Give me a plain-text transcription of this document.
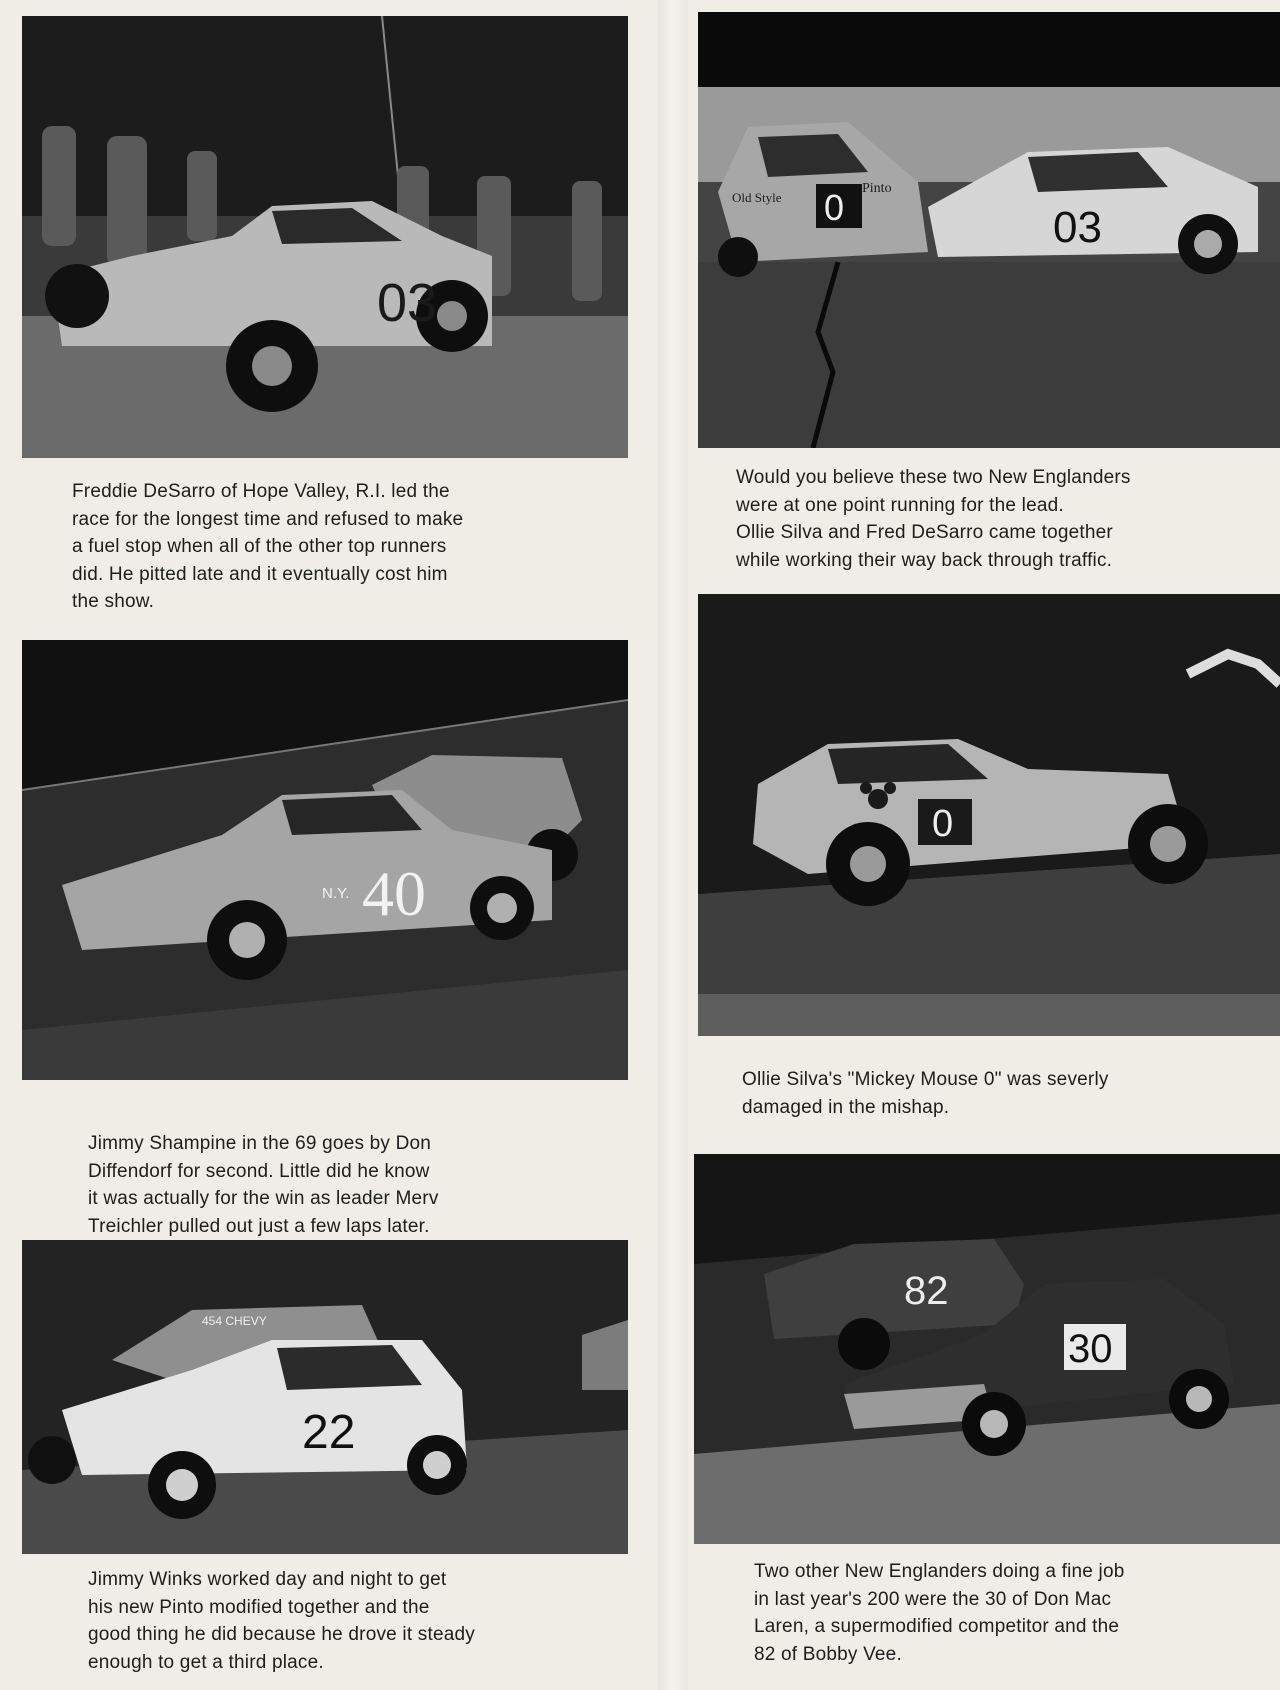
03
0
Old Style
Pinto
03
N.Y. 40
0
454 CHEVY
22
82
30

Freddie DeSarro of Hope Valley, R.I. led the
race for the longest time and refused to make
a fuel stop when all of the other top runners
did. He pitted late and it eventually cost him
the show.

Would you believe these two New Englanders
were at one point running for the lead.
Ollie Silva and Fred DeSarro came together
while working their way back through traffic.

Jimmy Shampine in the 69 goes by Don
Diffendorf for second. Little did he know
it was actually for the win as leader Merv
Treichler pulled out just a few laps later.

Ollie Silva's "Mickey Mouse 0" was severly
damaged in the mishap.

Jimmy Winks worked day and night to get
his new Pinto modified together and the
good thing he did because he drove it steady
enough to get a third place.

Two other New Englanders doing a fine job
in last year's 200 were the 30 of Don Mac
Laren, a supermodified competitor and the
82 of Bobby Vee.
